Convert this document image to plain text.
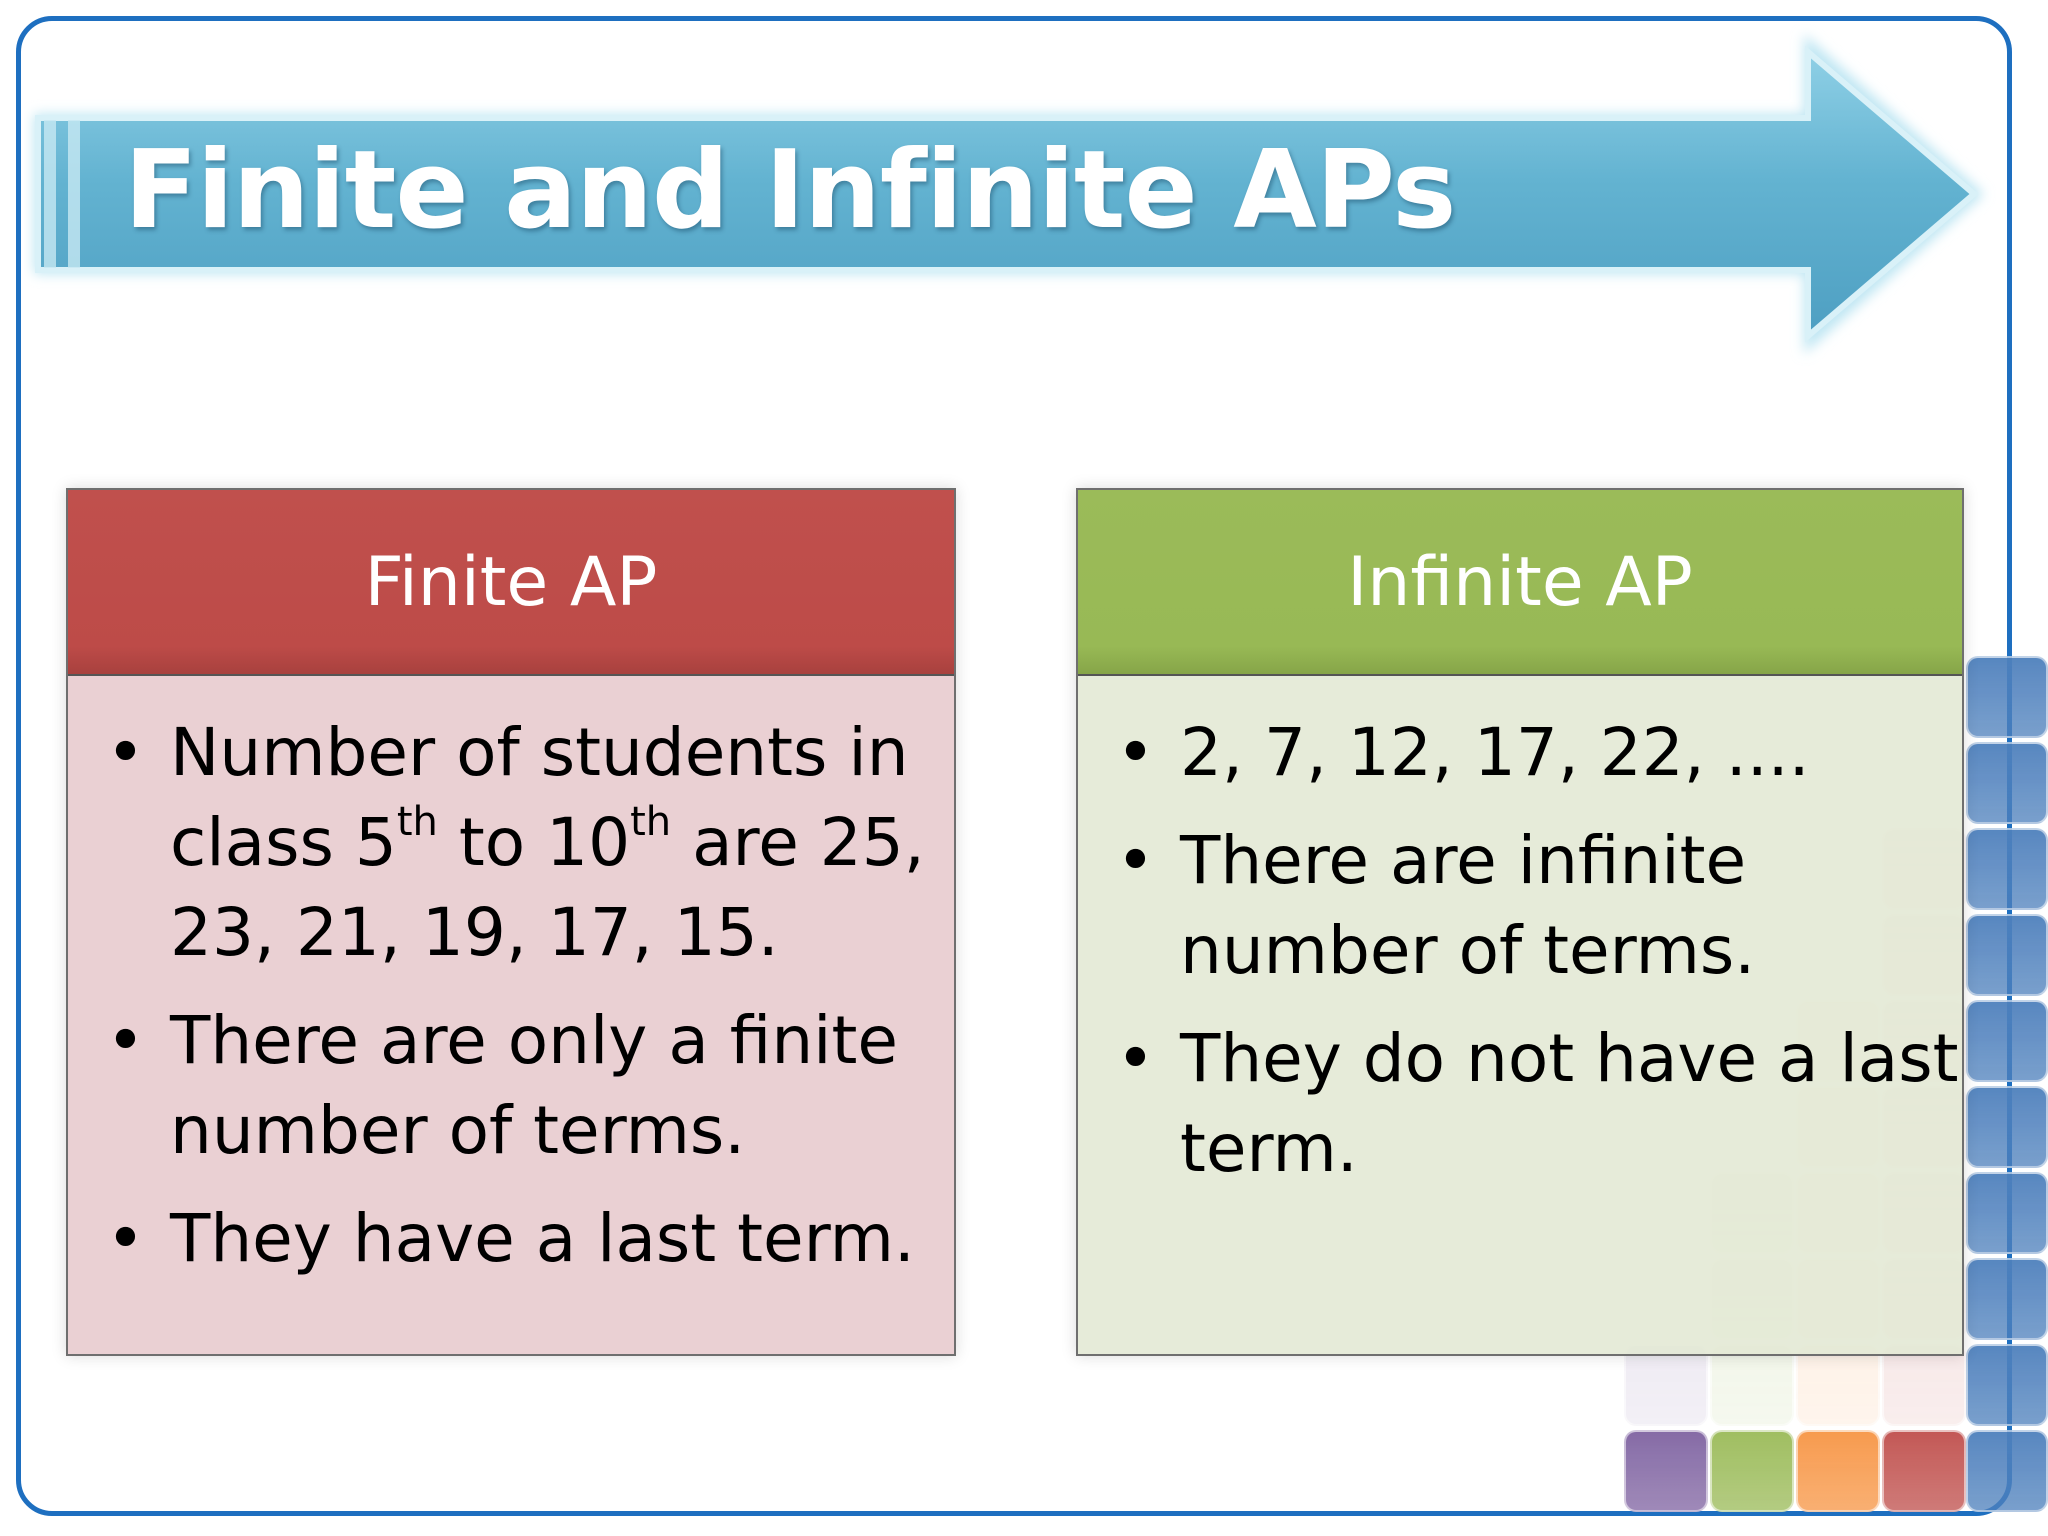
Finite and Infinite APs
Finite AP
• Number of students in class 5th to 10th are 25, 23, 21, 19, 17, 15.
• There are only a finite number of terms.
• They have a last term.
Infinite AP
• 2, 7, 12, 17, 22, ....
• There are infinite number of terms.
• They do not have a last term.
